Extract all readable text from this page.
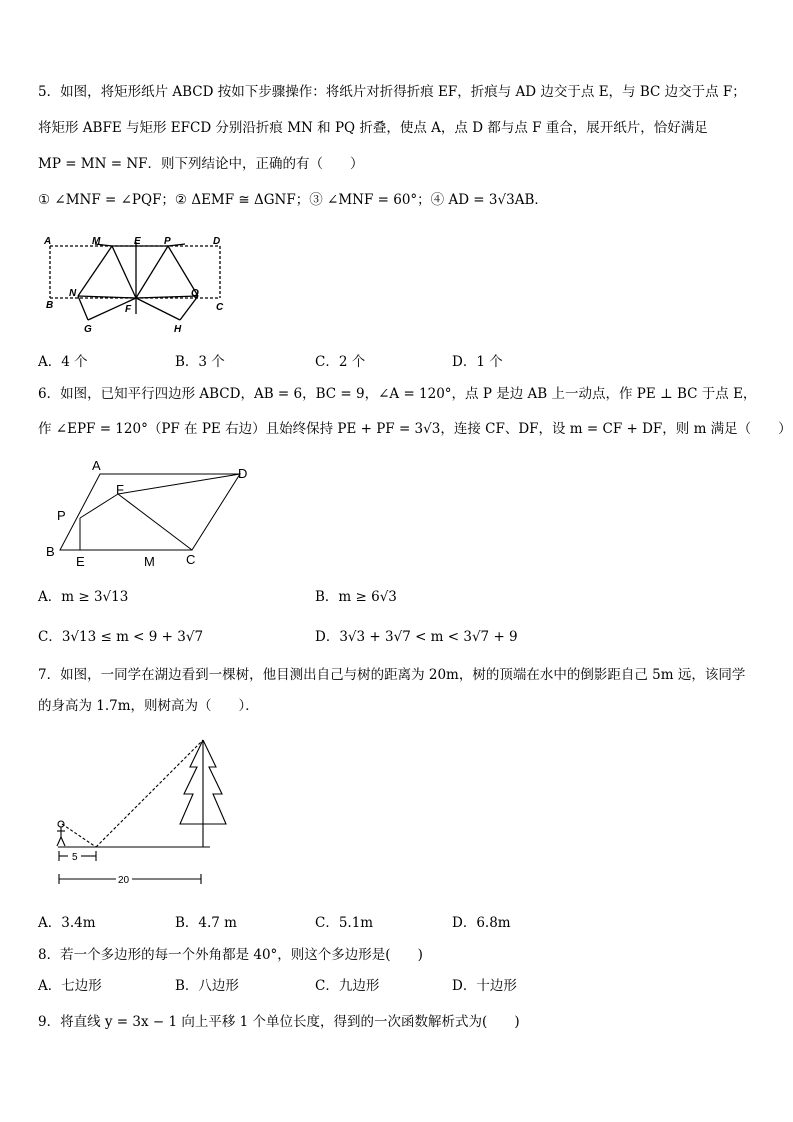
5．如图，将矩形纸片 ABCD 按如下步骤操作：将纸片对折得折痕 EF，折痕与 AD 边交于点 E，与 BC 边交于点 F；
将矩形 ABFE 与矩形 EFCD 分别沿折痕 MN 和 PQ 折叠，使点 A，点 D 都与点 F 重合，展开纸片，恰好满足
MP = MN = NF．则下列结论中，正确的有（　　）
① ∠MNF = ∠PQF；② ΔEMF ≅ ΔGNF；③ ∠MNF = 60°；④ AD = 3√3AB．
A	M	E P	D
N
F
Q
B	C
G	H
A．4 个	B．3 个	C．2 个	D．1 个
6．如图，已知平行四边形 ABCD，AB = 6，BC = 9，∠A = 120°，点 P 是边 AB 上一动点，作 PE ⊥ BC 于点 E，
作 ∠EPF = 120°（PF 在 PE 右边）且始终保持 PE + PF = 3√3，连接 CF、DF，设 m = CF + DF，则 m 满足（　　）
A
D
F
P
B
E	M C
A．m ≥ 3√13	B．m ≥ 6√3
C．3√13 ≤ m < 9 + 3√7	D．3√3 + 3√7 < m < 3√7 + 9
7．如图，一同学在湖边看到一棵树，他目测出自己与树的距离为 20m，树的顶端在水中的倒影距自己 5m 远，该同学
的身高为 1.7m，则树高为（　　）．
5
20
A．3.4m	B．4.7 m	C．5.1m	D．6.8m
8．若一个多边形的每一个外角都是 40°，则这个多边形是(　　)
A．七边形	B．八边形	C．九边形	D．十边形
9．将直线 y = 3x − 1 向上平移 1 个单位长度，得到的一次函数解析式为(　　)
